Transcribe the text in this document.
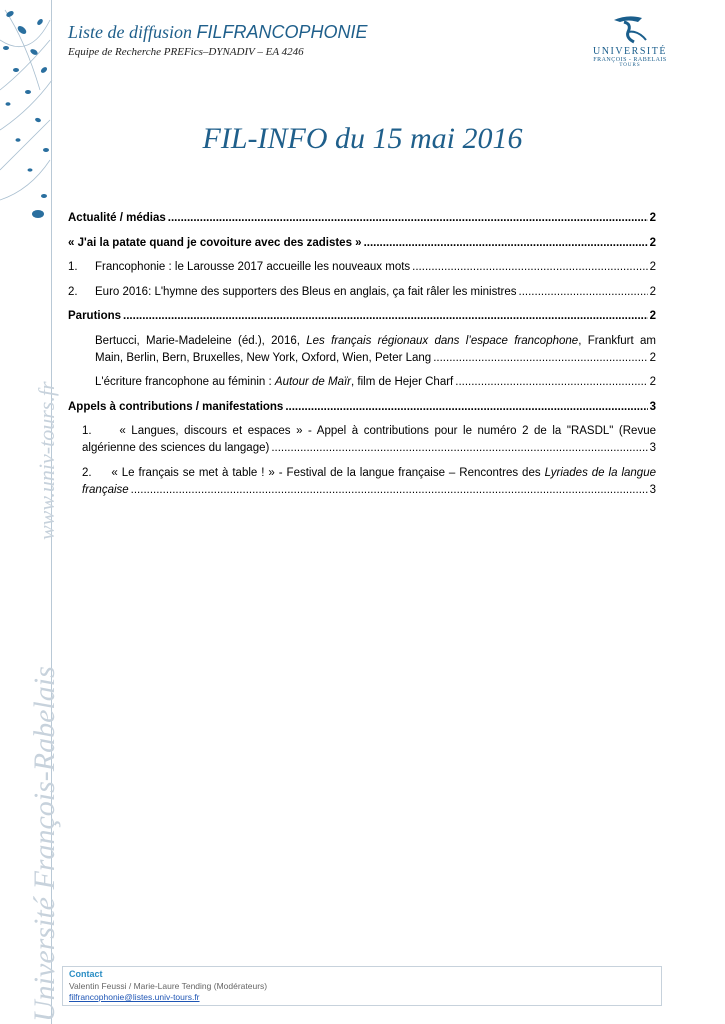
www.univ-tours.fr
Université François-Rabelais
Liste de diffusion FILFRANCOPHONIE
Equipe de Recherche PREFics–DYNADIV – EA 4246	UNIVERSITÉ
FRANÇOIS - RABELAIS
TOURS
FIL-INFO du 15 mai 2016
Actualité / médias .....	2
« J'ai la patate quand je covoiture avec des zadistes » .....	2
1.	Francophonie : le Larousse 2017 accueille les nouveaux mots .....	2
2.	Euro 2016: L'hymne des supporters des Bleus en anglais, ça fait râler les ministres .....	2
Parutions .....	2
Bertucci, Marie-Madeleine (éd.), 2016, Les français régionaux dans l’espace francophone, Frankfurt am
Main, Berlin, Bern, Bruxelles, New York, Oxford, Wien, Peter Lang .....	2
L'écriture francophone au féminin : Autour de Maïr, film de Hejer Charf .....	2
Appels à contributions / manifestations .....	3
1. « Langues, discours et espaces » - Appel à contributions pour le numéro 2 de la "RASDL" (Revue
algérienne des sciences du langage) .....	3
2. « Le français se met à table ! » - Festival de la langue française – Rencontres des Lyriades de la langue
française .....	3
Contact
Valentin Feussi / Marie-Laure Tending (Modérateurs)
filfrancophonie@listes.univ-tours.fr
